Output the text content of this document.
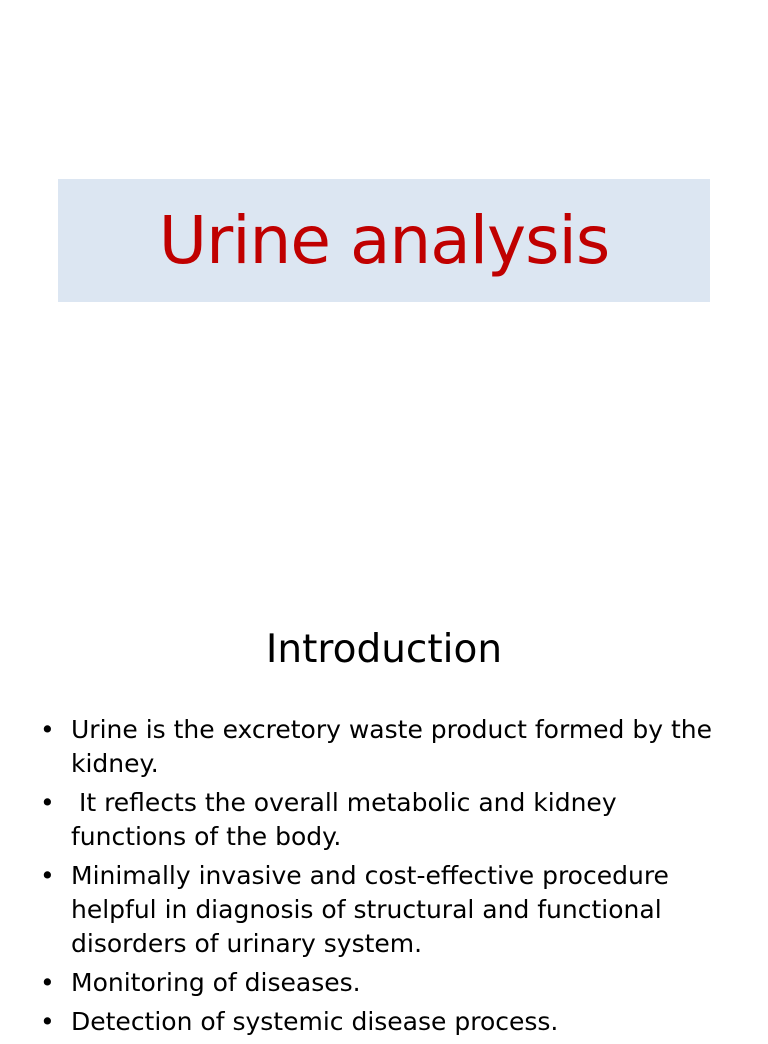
Urine analysis
Introduction
• Urine is the excretory waste product formed by the kidney.
• It reflects the overall metabolic and kidney functions of the body.
• Minimally invasive and cost-effective procedure helpful in diagnosis of structural and functional disorders of urinary system.
• Monitoring of diseases.
• Detection of systemic disease process.
